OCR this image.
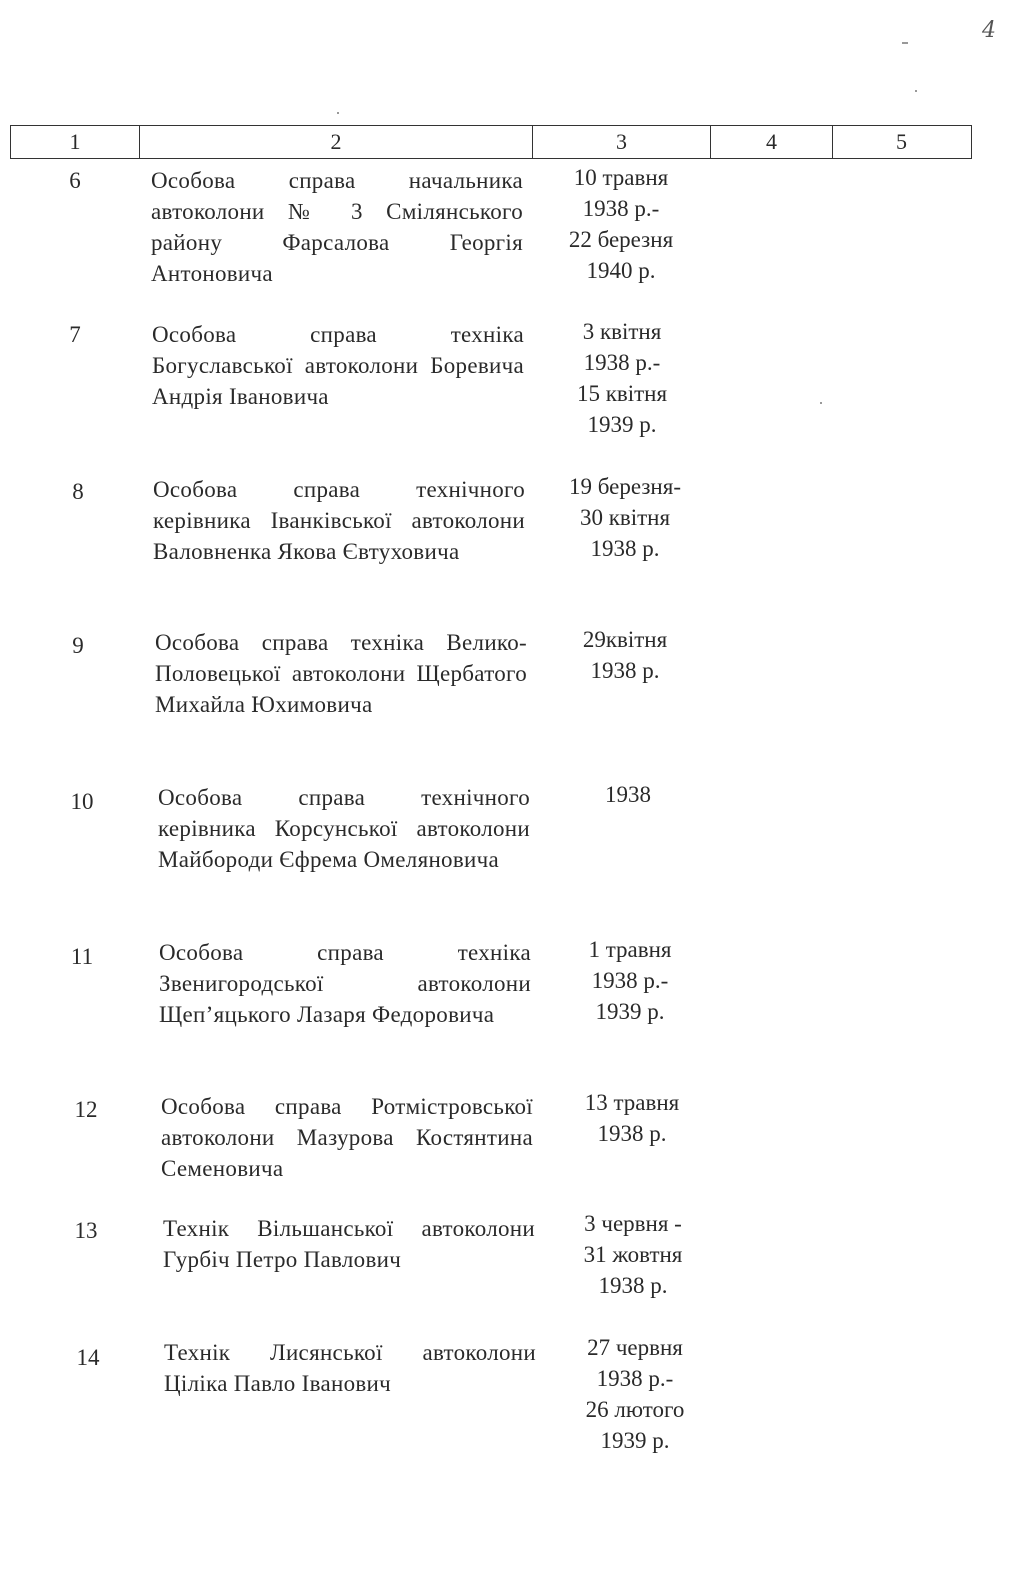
4
1	2	3	4	5
6	Особова справа начальника автоколони № 3 Смілянського району Фарсалова Георгія Антоновича
10 травня
1938 р.-
22 березня
1940 р.
7	Особова справа техніка Богуславської автоколони Боревича Андрія Івановича
3 квітня
1938 р.-
15 квітня
1939 р.
8	Особова справа технічного керівника Іванківської автоколони Валовненка Якова Євтуховича
19 березня-
30 квітня
1938 р.
9	Особова справа техніка Велико-Половецької автоколони Щербатого Михайла Юхимовича
29квітня
1938 р.
10	Особова справа технічного керівника Корсунської автоколони Майбороди Єфрема Омеляновича
1938
11	Особова справа техніка Звенигородської автоколони Щеп’яцького Лазаря Федоровича
1 травня
1938 р.-
1939 р.
12	Особова справа Ротмістровської автоколони Мазурова Костянтина Семеновича
13 травня
1938 р.
13	Технік Вільшанської автоколони Гурбіч Петро Павлович
3 червня -
31 жовтня
1938 р.
14	Технік Лисянської автоколони Ціліка Павло Іванович
27 червня
1938 р.-
26 лютого
1939 р.
